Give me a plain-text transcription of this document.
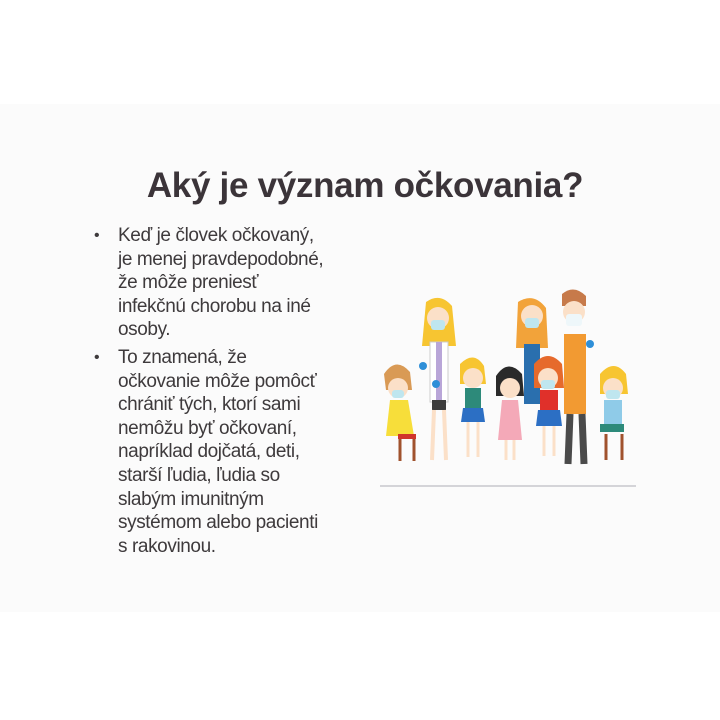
Aký je význam očkovania?
• Keď je človek očkovaný,
je menej pravdepodobné,
že môže preniesť
infekčnú chorobu na iné
osoby.
• To znamená, že
očkovanie môže pomôcť
chrániť tých, ktorí sami
nemôžu byť očkovaní,
napríklad dojčatá, deti,
starší ľudia, ľudia so
slabým imunitným
systémom alebo pacienti
s rakovinou.
